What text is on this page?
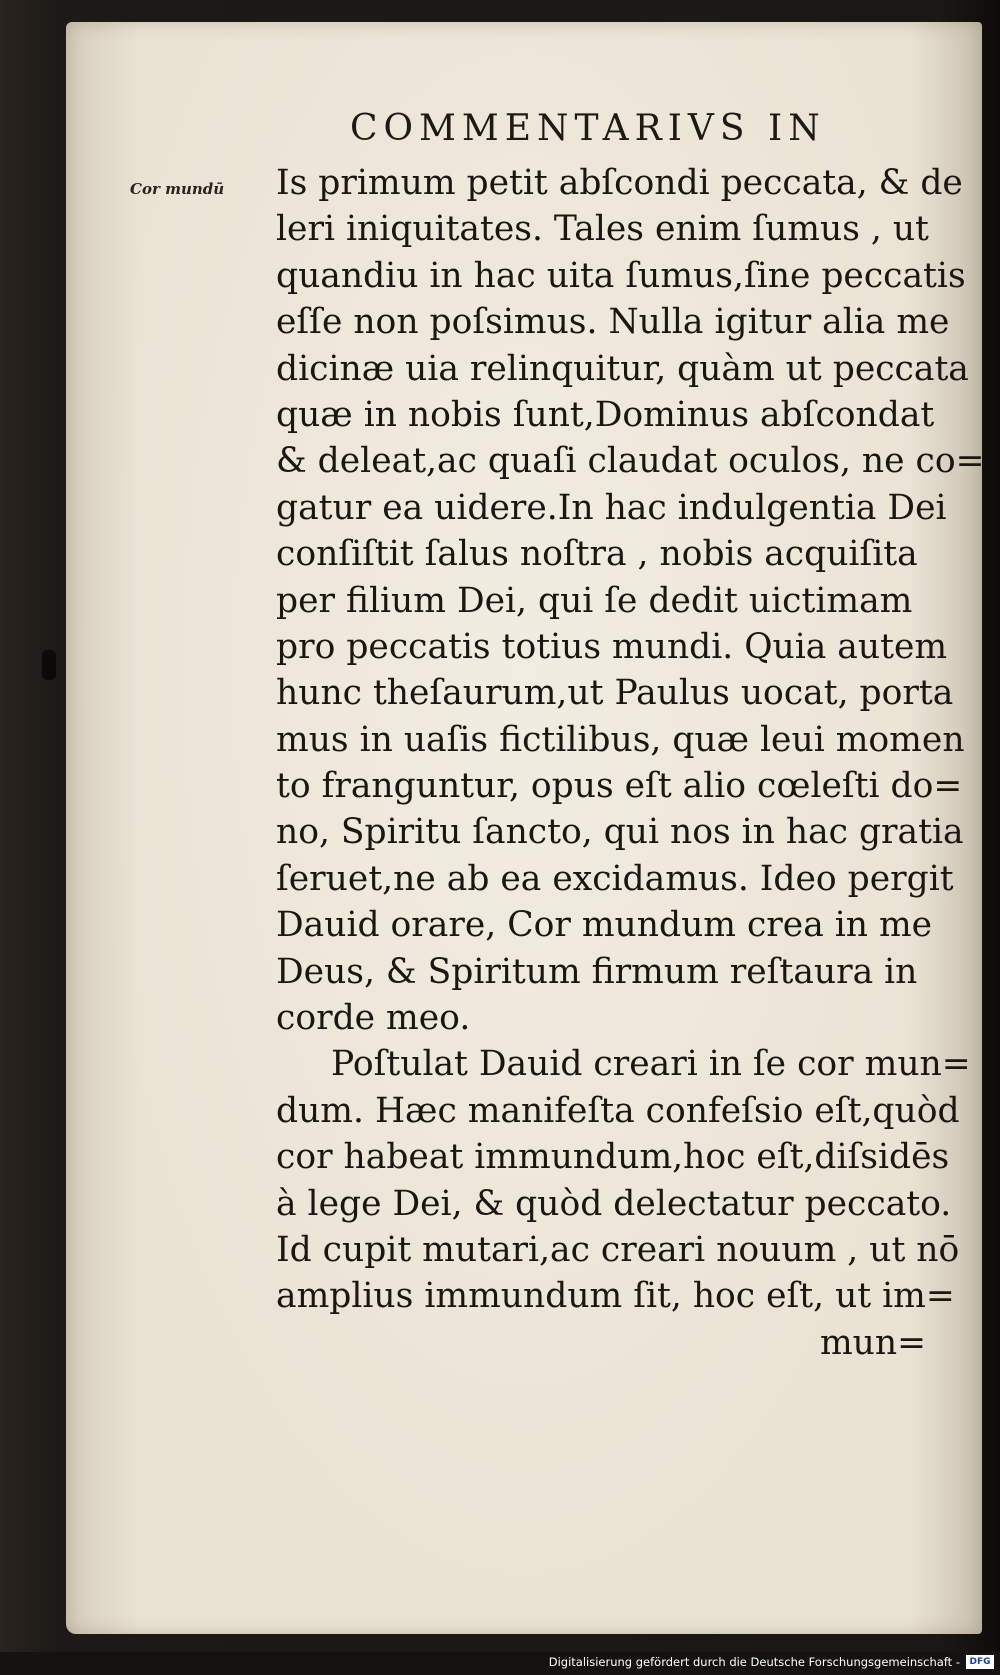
COMMENTARIVS IN
Cor mundū Is primum petit abſcondi peccata, & de
leri iniquitates. Tales enim ſumus , ut
quandiu in hac uita ſumus,ſine peccatis
eſſe non poſsimus. Nulla igitur alia me
dicinæ uia relinquitur, quàm ut peccata
quæ in nobis ſunt,Dominus abſcondat
& deleat,ac quaſi claudat oculos, ne co=
gatur ea uidere.In hac indulgentia Dei
conſiſtit ſalus noſtra , nobis acquiſita
per filium Dei, qui ſe dedit uictimam
pro peccatis totius mundi. Quia autem
hunc theſaurum,ut Paulus uocat, porta
mus in uaſis fictilibus, quæ leui momen
to franguntur, opus eſt alio cœleſti do=
no, Spiritu ſancto, qui nos in hac gratia
ſeruet,ne ab ea excidamus. Ideo pergit
Dauid orare, Cor mundum crea in me
Deus, & Spiritum firmum reſtaura in
corde meo.
Poſtulat Dauid creari in ſe cor mun=
dum. Hæc manifeſta confeſsio eſt,quòd
cor habeat immundum,hoc eſt,diſsidēs
à lege Dei, & quòd delectatur peccato.
Id cupit mutari,ac creari nouum , ut nō
amplius immundum ſit, hoc eſt, ut im=
mun=
Digitalisierung gefördert durch die Deutsche Forschungsgemeinschaft -	DFG
